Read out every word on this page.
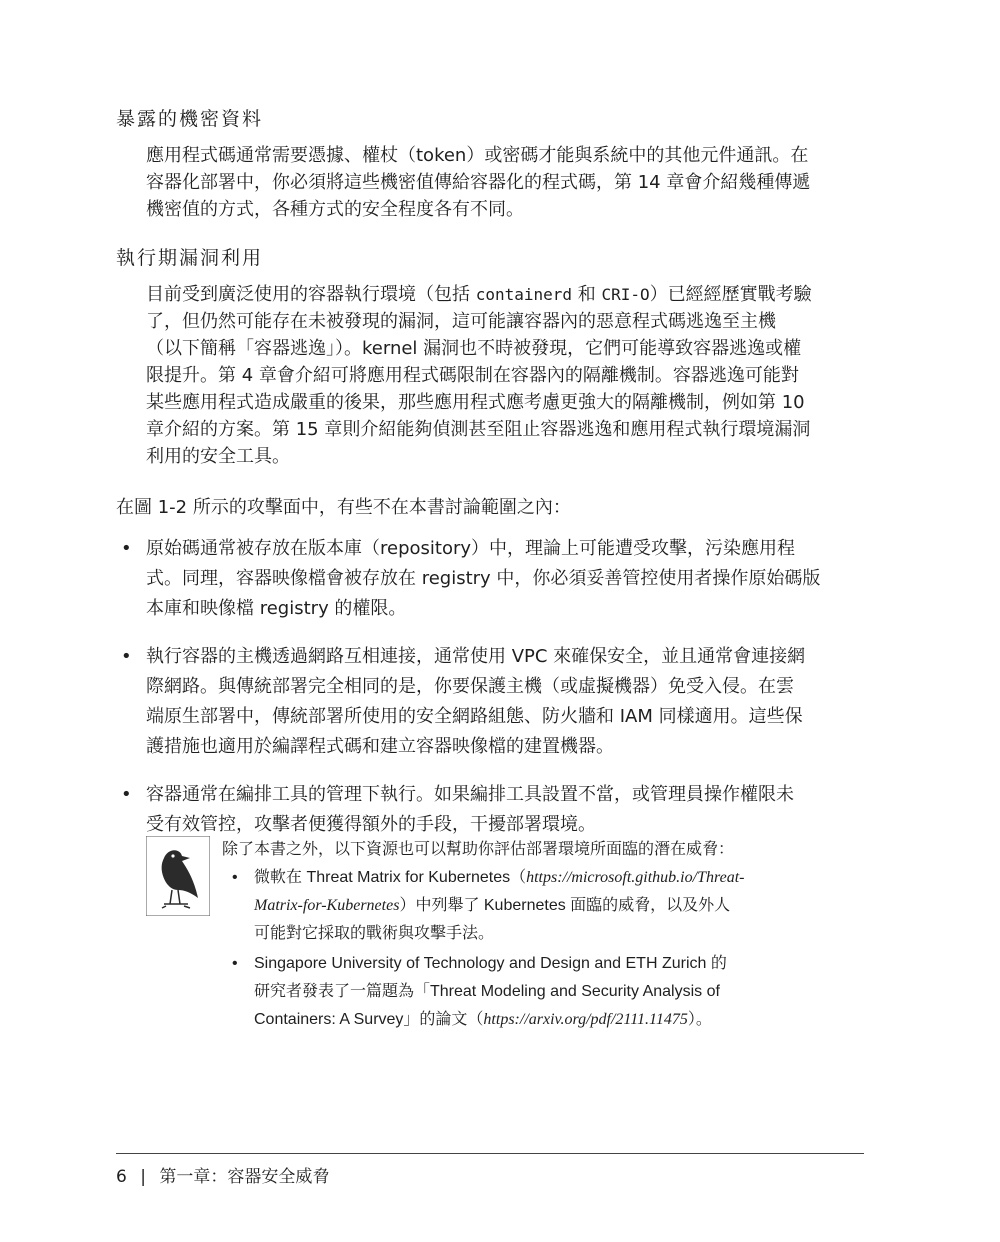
暴露的機密資料

應用程式碼通常需要憑據、權杖（token）或密碼才能與系統中的其他元件通訊。在
容器化部署中，你必須將這些機密值傳給容器化的程式碼，第 14 章會介紹幾種傳遞
機密值的方式，各種方式的安全程度各有不同。

執行期漏洞利用

目前受到廣泛使用的容器執行環境（包括 containerd 和 CRI-O）已經經歷實戰考驗
了，但仍然可能存在未被發現的漏洞，這可能讓容器內的惡意程式碼逃逸至主機
（以下簡稱「容器逃逸」）。kernel 漏洞也不時被發現，它們可能導致容器逃逸或權
限提升。第 4 章會介紹可將應用程式碼限制在容器內的隔離機制。容器逃逸可能對
某些應用程式造成嚴重的後果，那些應用程式應考慮更強大的隔離機制，例如第 10
章介紹的方案。第 15 章則介紹能夠偵測甚至阻止容器逃逸和應用程式執行環境漏洞
利用的安全工具。

在圖 1-2 所示的攻擊面中，有些不在本書討論範圍之內：
• 原始碼通常被存放在版本庫（repository）中，理論上可能遭受攻擊，污染應用程
式。同理，容器映像檔會被存放在 registry 中，你必須妥善管控使用者操作原始碼版
本庫和映像檔 registry 的權限。
• 執行容器的主機透過網路互相連接，通常使用 VPC 來確保安全，並且通常會連接網
際網路。與傳統部署完全相同的是，你要保護主機（或虛擬機器）免受入侵。在雲
端原生部署中，傳統部署所使用的安全網路組態、防火牆和 IAM 同樣適用。這些保
護措施也適用於編譯程式碼和建立容器映像檔的建置機器。
• 容器通常在編排工具的管理下執行。如果編排工具設置不當，或管理員操作權限未
受有效管控，攻擊者便獲得額外的手段，干擾部署環境。
除了本書之外，以下資源也可以幫助你評估部署環境所面臨的潛在威脅：
• 微軟在 Threat Matrix for Kubernetes（https://microsoft.github.io/Threat-
Matrix-for-Kubernetes）中列舉了 Kubernetes 面臨的威脅，以及外人
可能對它採取的戰術與攻擊手法。
• Singapore University of Technology and Design and ETH Zurich 的
研究者發表了一篇題為「Threat Modeling and Security Analysis of
Containers: A Survey」的論文（https://arxiv.org/pdf/2111.11475）。
6 | 第一章：容器安全威脅
